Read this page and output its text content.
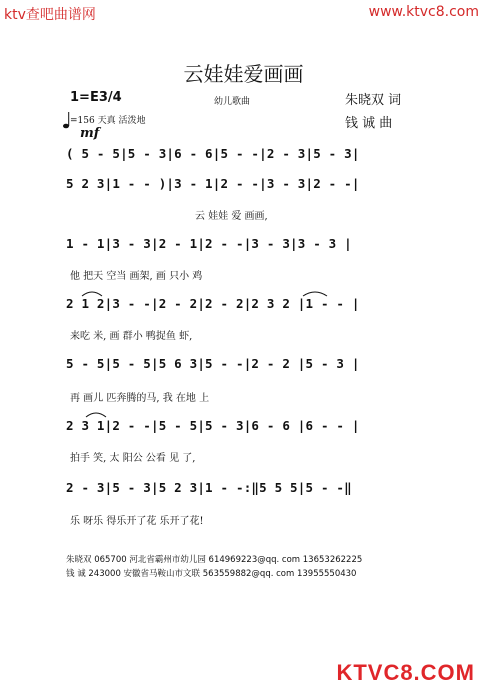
ktv查吧曲谱网	www.ktvc8.com
云娃娃爱画画
1=E3/4	幼儿歌曲	朱晓双 词
=156 天真 活泼地	钱 诚 曲
mf
( 5 - 5|5 - 3|6 - 6|5 - -|2 - 3|5 - 3|
5 2 3|1 - - )|3 - 1|2 - -|3 - 3|2 - -|
云 娃娃 爱 画画,
1 - 1|3 - 3|2 - 1|2 - -|3 - 3|3 - 3 |
他 把天 空当 画架, 画 只小 鸡
2 1 2|3 - -|2 - 2|2 - 2|2 3 2 |1 - - |
来吃 米, 画 群小 鸭捉鱼 虾,
5 - 5|5 - 5|5 6 3|5 - -|2 - 2 |5 - 3 |
再 画儿 匹奔腾的马, 我 在地 上
2 3 1|2 - -|5 - 5|5 - 3|6 - 6 |6 - - |
拍手 笑, 太 阳公 公看 见 了,
2 - 3|5 - 3|5 2 3|1 - -:‖5 5 5|5 - -‖
乐 呀乐 得乐开了花 乐开了花!
朱晓双 065700 河北省霸州市幼儿园 614969223@qq. com 13653262225
钱 诚 243000 安徽省马鞍山市文联 563559882@qq. com 13955550430
KTVC8.COM
